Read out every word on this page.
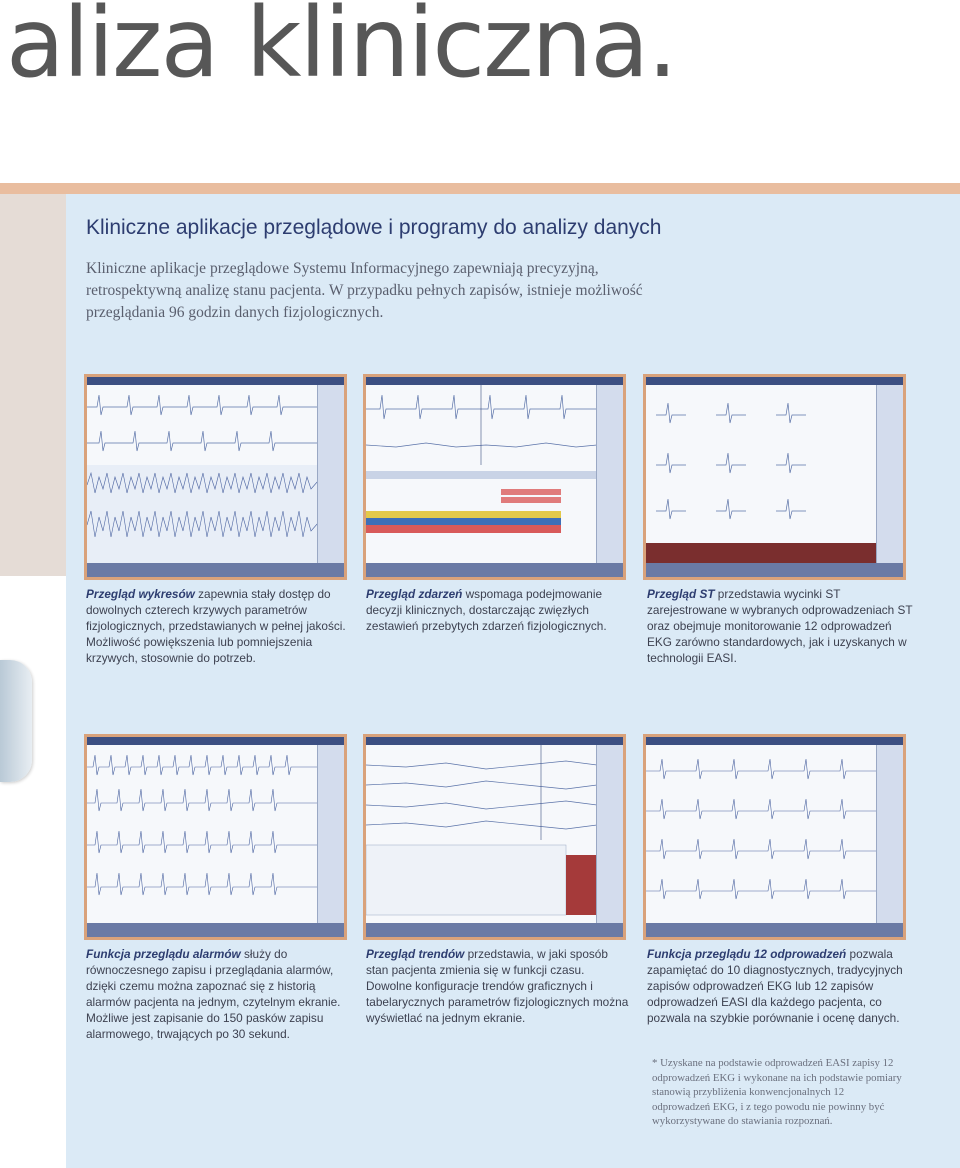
aliza kliniczna.
Kliniczne aplikacje przeglądowe i programy do analizy danych

Kliniczne aplikacje przeglądowe Systemu Informacyjnego zapewniają precyzyjną, retrospektywną analizę stanu pacjenta. W przypadku pełnych zapisów, istnieje możliwość przeglądania 96 godzin danych fizjologicznych.

Przegląd wykresów zapewnia stały dostęp do dowolnych czterech krzywych parametrów fizjologicznych, przedstawianych w pełnej jakości. Możliwość powiększenia lub pomniejszenia krzywych, stosownie do potrzeb.

Przegląd zdarzeń wspomaga podejmowanie decyzji klinicznych, dostarczając zwięzłych zestawień przebytych zdarzeń fizjologicznych.

Przegląd ST przedstawia wycinki ST zarejestrowane w wybranych odprowadzeniach ST oraz obejmuje monitorowanie 12 odprowadzeń EKG zarówno standardowych, jak i uzyskanych w technologii EASI.

Funkcja przeglądu alarmów służy do równoczesnego zapisu i przeglądania alarmów, dzięki czemu można zapoznać się z historią alarmów pacjenta na jednym, czytelnym ekranie. Możliwe jest zapisanie do 150 pasków zapisu alarmowego, trwających po 30 sekund.

Przegląd trendów przedstawia, w jaki sposób stan pacjenta zmienia się w funkcji czasu. Dowolne konfiguracje trendów graficznych i tabelarycznych parametrów fizjologicznych można wyświetlać na jednym ekranie.

Funkcja przeglądu 12 odprowadzeń pozwala zapamiętać do 10 diagnostycznych, tradycyjnych zapisów odprowadzeń EKG lub 12 zapisów odprowadzeń EASI dla każdego pacjenta, co pozwala na szybkie porównanie i ocenę danych.

* Uzyskane na podstawie odprowadzeń EASI zapisy 12 odprowadzeń EKG i wykonane na ich podstawie pomiary stanowią przybliżenia konwencjonalnych 12 odprowadzeń EKG, i z tego powodu nie powinny być wykorzystywane do stawiania rozpoznań.
